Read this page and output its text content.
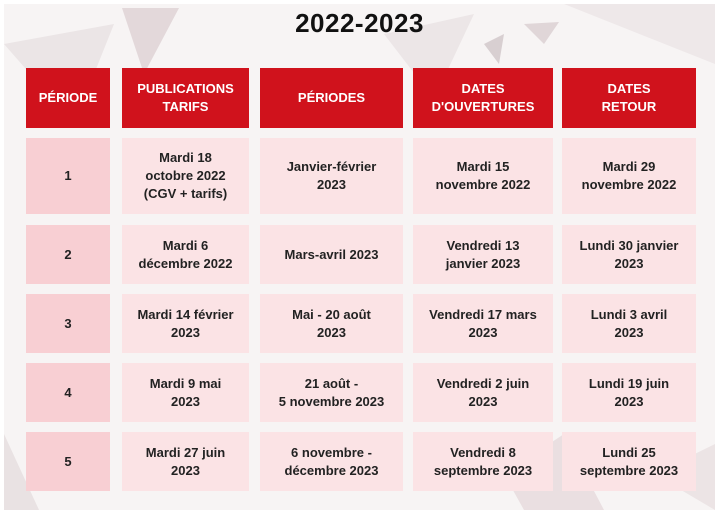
2022-2023
PÉRIODE
PUBLICATIONS
TARIFS
PÉRIODES
DATES
D'OUVERTURES
DATES
RETOUR
1
Mardi 18
octobre 2022
(CGV + tarifs)
Janvier-février
2023
Mardi 15
novembre 2022
Mardi 29
novembre 2022
2
Mardi 6
décembre 2022
Mars-avril 2023
Vendredi 13
janvier 2023
Lundi 30 janvier
2023
3
Mardi 14 février
2023
Mai - 20 août
2023
Vendredi 17 mars
2023
Lundi 3 avril
2023
4
Mardi 9 mai
2023
21 août -
5 novembre 2023
Vendredi 2 juin
2023
Lundi 19 juin
2023
5
Mardi 27 juin
2023
6 novembre -
décembre 2023
Vendredi 8
septembre 2023
Lundi 25
septembre 2023
